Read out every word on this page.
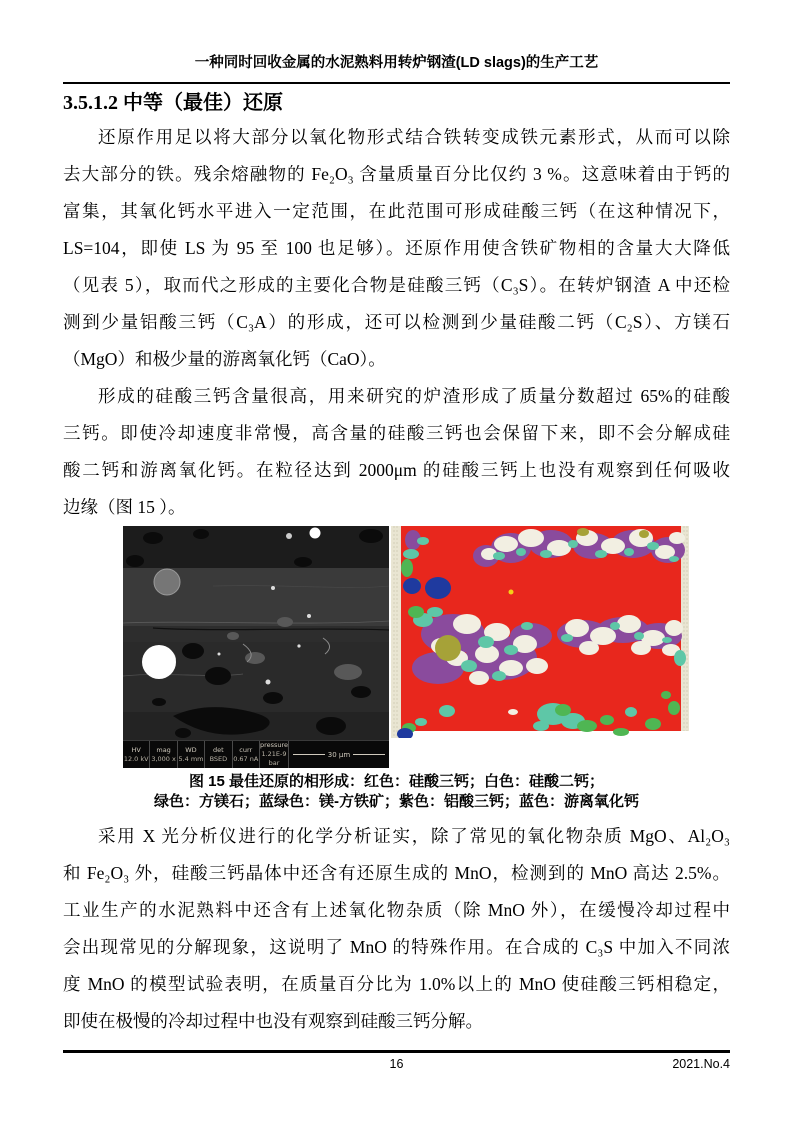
一种同时回收金属的水泥熟料用转炉钢渣(LD slags)的生产工艺
3.5.1.2 中等（最佳）还原
还原作用足以将大部分以氧化物形式结合铁转变成铁元素形式，从而可以除
去大部分的铁。残余熔融物的 Fe₂O₃ 含量质量百分比仅约 3 %。这意味着由于钙的
富集，其氧化钙水平进入一定范围，在此范围可形成硅酸三钙（在这种情况下，
LS=104，即使 LS 为 95 至 100 也足够）。还原作用使含铁矿物相的含量大大降低
（见表 5），取而代之形成的主要化合物是硅酸三钙（C₃S）。在转炉钢渣 A 中还检
测到少量铝酸三钙（C₃A）的形成，还可以检测到少量硅酸二钙（C₂S）、方镁石
（MgO）和极少量的游离氧化钙（CaO）。
形成的硅酸三钙含量很高，用来研究的炉渣形成了质量分数超过 65%的硅酸
三钙。即使冷却速度非常慢，高含量的硅酸三钙也会保留下来，即不会分解成硅
酸二钙和游离氧化钙。在粒径达到 2000μm 的硅酸三钙上也没有观察到任何吸收
边缘（图 15 ）。
HV
12.0 kV
mag
3,000 x
WD
5.4 mm
det
BSED
curr
0.67 nA
pressure
1.21E-9 bar
30 μm
图 15 最佳还原的相形成：红色：硅酸三钙；白色：硅酸二钙；
绿色：方镁石；蓝绿色：镁-方铁矿；紫色：铝酸三钙；蓝色：游离氧化钙
采用 X 光分析仪进行的化学分析证实，除了常见的氧化物杂质 MgO、Al₂O₃
和 Fe₂O₃ 外，硅酸三钙晶体中还含有还原生成的 MnO，检测到的 MnO 高达 2.5%。
工业生产的水泥熟料中还含有上述氧化物杂质（除 MnO 外），在缓慢冷却过程中
会出现常见的分解现象，这说明了 MnO 的特殊作用。在合成的 C₃S 中加入不同浓
度 MnO 的模型试验表明，在质量百分比为 1.0%以上的 MnO 使硅酸三钙相稳定，
即使在极慢的冷却过程中也没有观察到硅酸三钙分解。
16	2021.No.4
